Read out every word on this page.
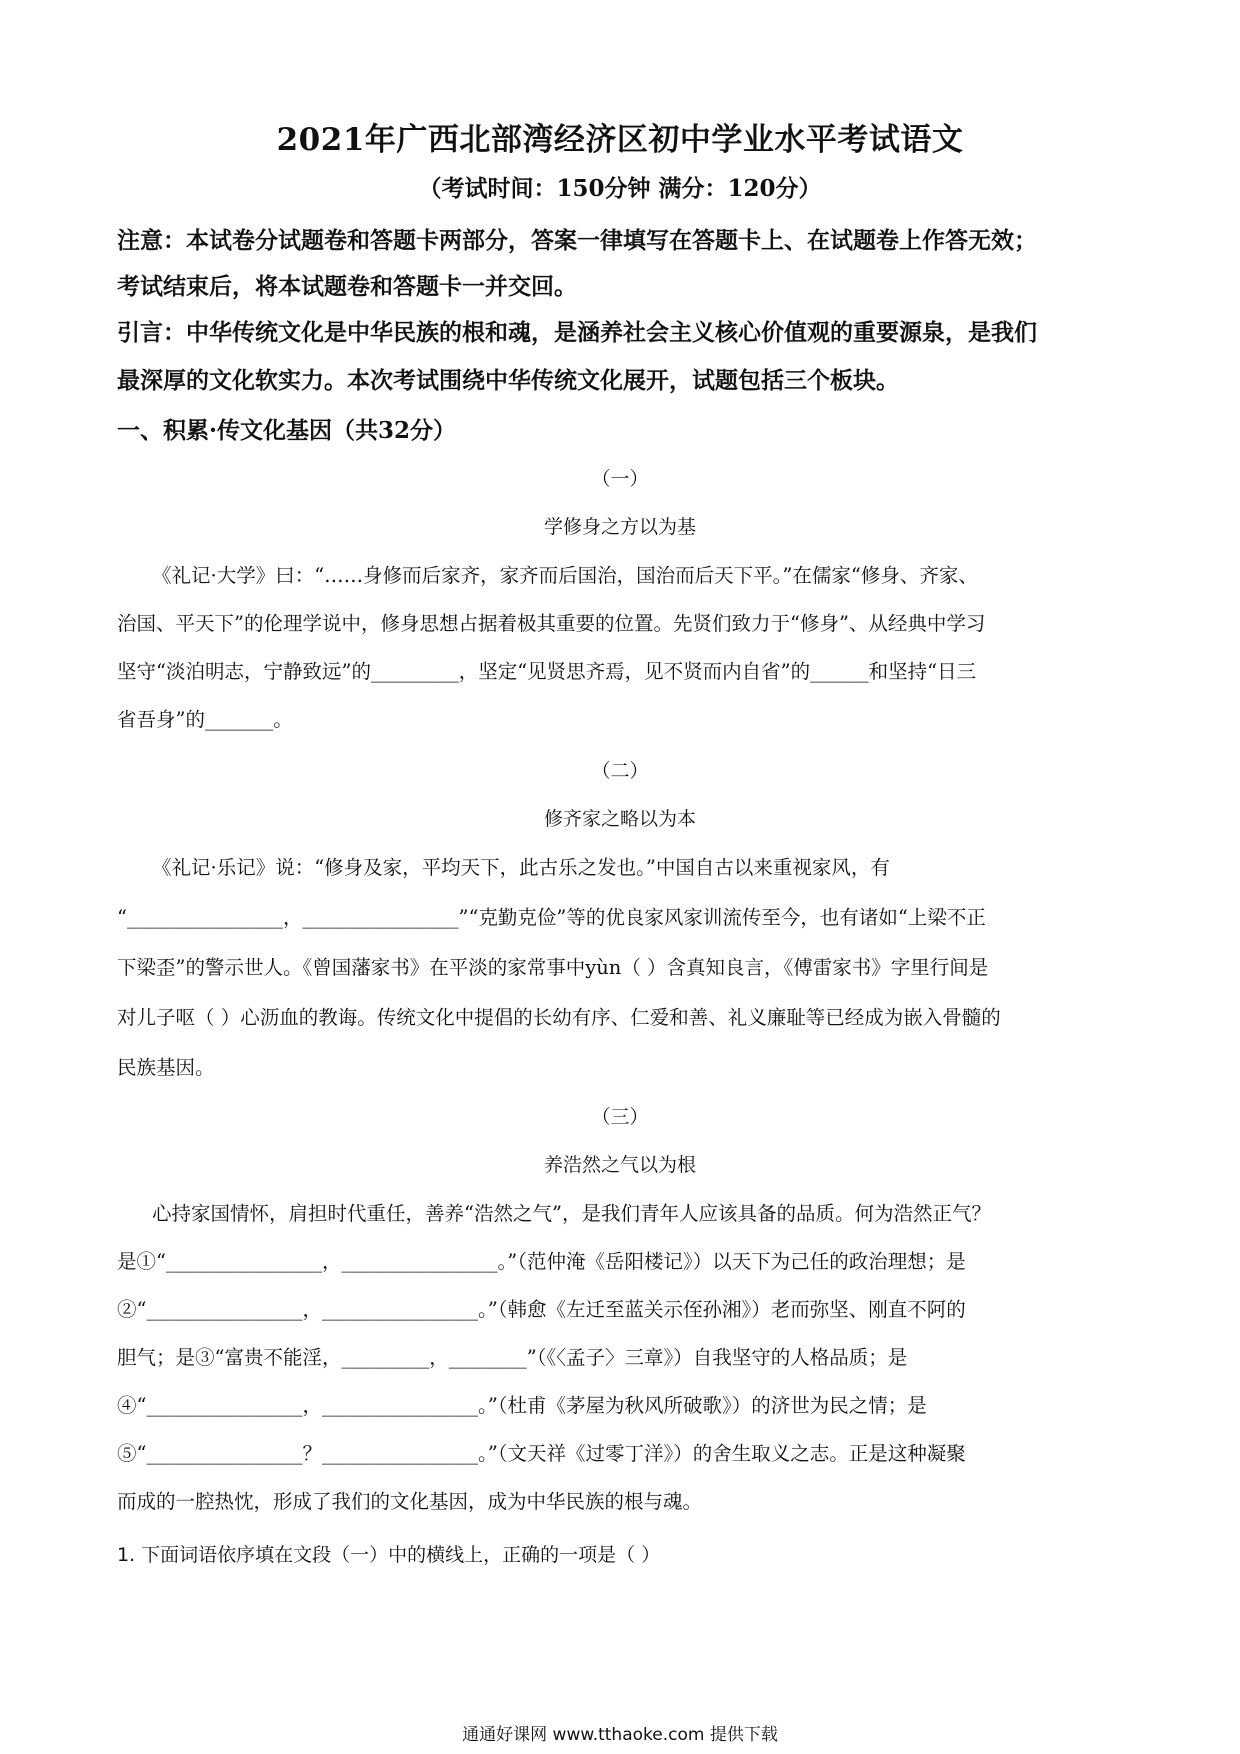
2021年广西北部湾经济区初中学业水平考试语文
（考试时间：150分钟 满分：120分）
注意：本试卷分试题卷和答题卡两部分，答案一律填写在答题卡上、在试题卷上作答无效；
考试结束后，将本试题卷和答题卡一并交回。
引言：中华传统文化是中华民族的根和魂，是涵养社会主义核心价值观的重要源泉，是我们
最深厚的文化软实力。本次考试围绕中华传统文化展开，试题包括三个板块。
一、积累·传文化基因（共32分）
（一）
学修身之方以为基
《礼记·大学》曰：“……身修而后家齐，家齐而后国治，国治而后天下平。”在儒家“修身、齐家、
治国、平天下”的伦理学说中，修身思想占据着极其重要的位置。先贤们致力于“修身”、从经典中学习
坚守“淡泊明志，宁静致远”的_________，坚定“见贤思齐焉，见不贤而内自省”的______和坚持“日三
省吾身”的_______。
（二）
修齐家之略以为本
《礼记·乐记》说：“修身及家，平均天下，此古乐之发也。”中国自古以来重视家风，有
“________________，________________”“克勤克俭”等的优良家风家训流传至今，也有诸如“上梁不正
下梁歪”的警示世人。《曾国藩家书》在平淡的家常事中yùn（ ）含真知良言，《傅雷家书》字里行间是
对儿子呕（ ）心沥血的教诲。传统文化中提倡的长幼有序、仁爱和善、礼义廉耻等已经成为嵌入骨髓的
民族基因。
（三）
养浩然之气以为根
心持家国情怀，肩担时代重任，善养“浩然之气”，是我们青年人应该具备的品质。何为浩然正气？
是①“________________，________________。”（范仲淹《岳阳楼记》）以天下为己任的政治理想；是
②“________________，________________。”（韩愈《左迁至蓝关示侄孙湘》）老而弥坚、刚直不阿的
胆气；是③“富贵不能淫，_________，________”（《〈孟子〉三章》）自我坚守的人格品质；是
④“________________，________________。”（杜甫《茅屋为秋风所破歌》）的济世为民之情；是
⑤“________________？________________。”（文天祥《过零丁洋》）的舍生取义之志。正是这种凝聚
而成的一腔热忱，形成了我们的文化基因，成为中华民族的根与魂。
1. 下面词语依序填在文段（一）中的横线上，正确的一项是（ ）
通通好课网 www.tthaoke.com 提供下载
